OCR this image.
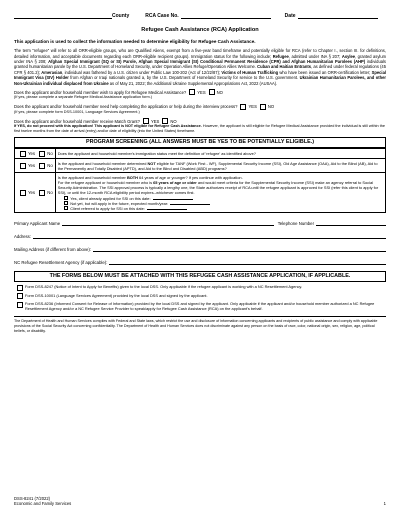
County	RCA Case No.	Date
Refugee Cash Assistance (RCA) Application
This application is used to collect the information needed to determine eligibility for Refugee Cash Assistance.
The term "refugee" will refer to all ORR-eligible groups, who are Qualified Aliens, exempt from a five-year band timeframe and potentially eligible for RCA (refer to Chapter I., section III. for definitions, detailed information, and acceptable documents regarding each ORR-eligible recipient groups). Immigration status for the following include; Refugee, admitted under INA § 207; Asylee, granted asylum under INA § 208; Afghan Special Immigrant (SQ or SI) Parole, Afghan Special Immigrant (SI) Conditional Permanent Residence (CPR) and Afghan Humanitarian Parolees (AHP) individuals granted humanitarian parole by the U.S. Department of Homeland Security, under Operation Allies Refuge/Operation Allies Welcome. Cuban and Haitian Entrants, as defined under federal regulations (45 CFR § 401.2); Amerasian, individual was fathered by a U.S. citizen under Public Law 100-202 (Act of 12/22/87); Victims of Human Trafficking who have been issued an ORR-certification letter; Special Immigrant Visa (SIV) Holder from Afghan or Iraqi nationals granted a, by the U.S. Department of Homeland Security for service to the U.S. government. Ukrainian Humanitarian Parolees, and other Non-Ukrainian individual displaced from Ukraine as of May 21, 2022; the Additional Ukraine Supplemental Appropriations Act, 2022 (AUSAA).
Does the applicant and/or household member wish to apply for Refugee Medical Assistance?	YES	NO
(If yes, please complete a separate Refugee Medical Assistance application form.)
Does the applicant and/or household member need help completing the application or help during the interview process?	YES	NO
(If yes, please complete form DSS-10001, Language Services Agreement.)
Does the applicant and/or household member receive Match Grant?	YES	NO
If YES, do not proceed with this application! This applicant is NOT eligible for Refugee Cash Assistance. However, the applicant is still eligible for Refugee Medical Assistance provided the individual is still within the first twelve months from the date of arrival (entry) and/or date of eligibility (into the United States) timeframe.
PROGRAM SCREENING (ALL ANSWERS MUST BE YES TO BE POTENTIALLY ELIGIBLE.)
Yes No	Does the applicant and household member's immigration status meet the definition of 'refugee' as identified above?
Yes No	Is the applicant and household member determined NOT eligible for TANF (Work First - WF), Supplemental Security Income (SSI), Old Age Assistance (OAA), Aid to the Blind (AB), Aid to the Permanently and Totally Disabled (APTD), and Aid to the Blind and Disabled (ABD) programs?
Yes No	Is the applicant and household member BOTH 64 years of age or younger? If yes continue with application.
For the refugee applicant or household member who is 65 years of age or older and would meet criteria for the Supplemental Security Income (SSI) make an agency referral to Social Security Administration. The SSI approval process is typically a lengthy one, the State authorizes receipt of RCA until the refugee applicant is approved for SSI (refer this client to apply for SSI), or until the 12-month RCA eligibility period expires--whichever comes first.
Yes, client already applied for SSI on this date:
Not yet, but will apply in the future, expected month/year:
Client referred to apply for SSI on this date:
Primary Applicant Name	Telephone Number
Address:
Mailing Address (if different from above):
NC Refugee Resettlement Agency (if applicable):
THE FORMS BELOW MUST BE ATTACHED WITH THIS REFUGEE CASH ASSISTANCE APPLICATION, IF APPLICABLE.
Form DSS-8247 (Notice of Intent to Apply for Benefits) given to the local DSS. Only applicable if the refugee applicant is working with a NC Resettlement Agency.
Form DSS-10001 (Language Services Agreement) provided by the local DSS and signed by the applicant.
Form DSS-8236 (Informed Consent for Release of Information) provided by the local DSS and signed by the applicant. Only applicable if the applicant and/or household member authorized a NC Refugee Resettlement Agency and/or a NC Refugee Service Provider to speak/apply for Refugee Cash Assistance (RCA) on the applicant's behalf.
The Department of Health and Human Services complies with Federal and State laws, which restrict the use and disclosure of information concerning applicants and recipients of public assistance and comply with applicable provisions of the Social Security Act concerning confidentiality. The Department of Health and Human Services does not discriminate against any person on the basis of race, color, national origin, sex, religion, age, political beliefs, or disability.
DSS-8241 (7/2022)
Economic and Family Services	1
